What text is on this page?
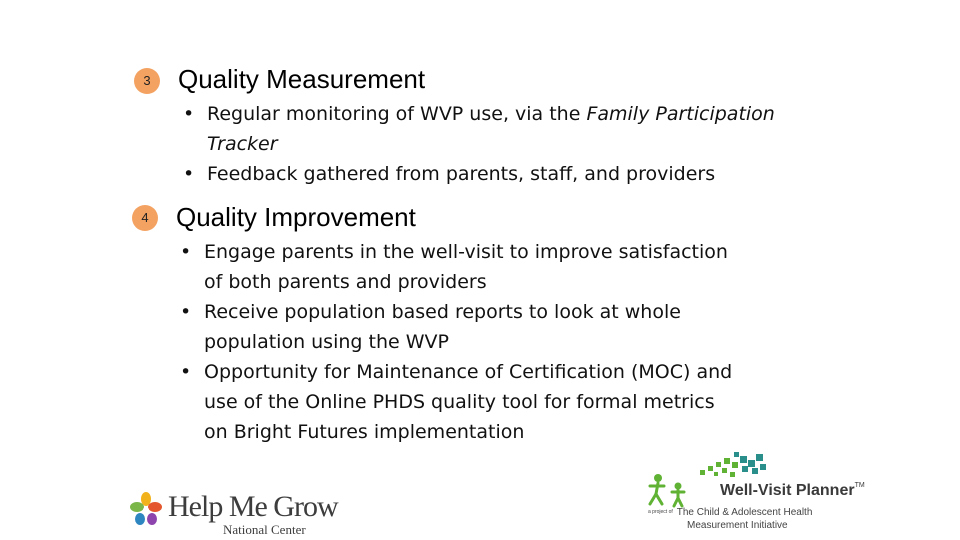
3	Quality Measurement
• Regular monitoring of WVP use, via the Family Participation Tracker
• Feedback gathered from parents, staff, and providers
4	Quality Improvement
• Engage parents in the well-visit to improve satisfaction of both parents and providers
• Receive population based reports to look at whole population using the WVP
• Opportunity for Maintenance of Certification (MOC) and use of the Online PHDS quality tool for formal metrics on Bright Futures implementation
Help Me Grow
National Center
Well-Visit Planner™
a project of The Child & Adolescent Health
Measurement Initiative
